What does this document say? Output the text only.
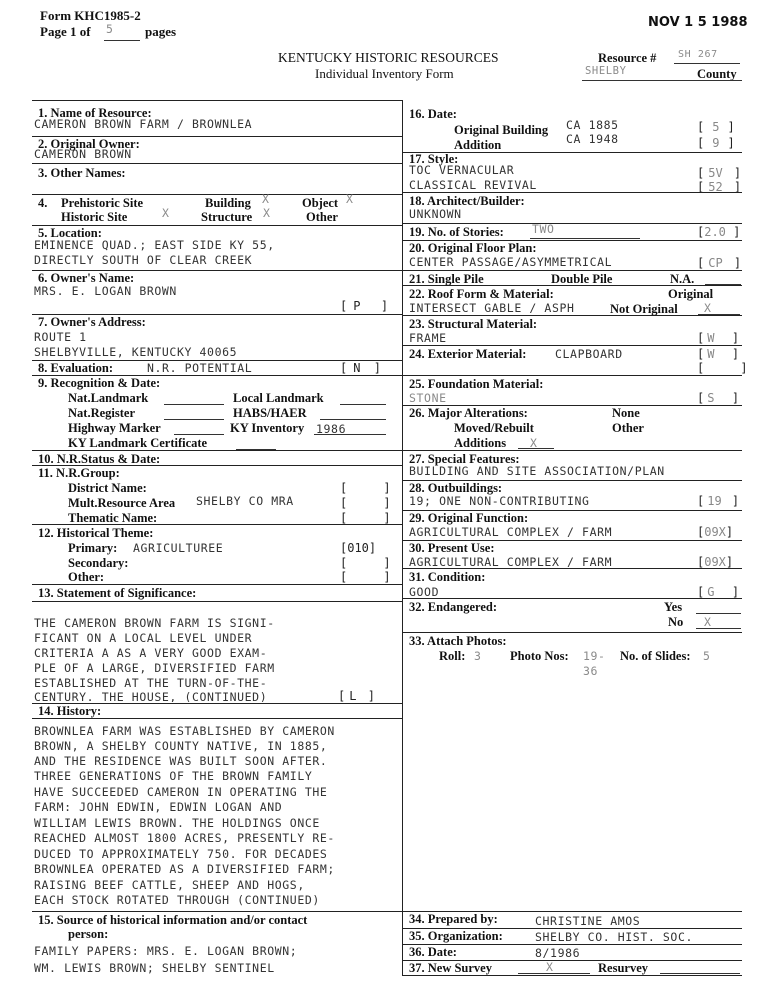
Form KHC1985-2
Page 1 of 5 pages
NOV 1 5 1988
KENTUCKY HISTORIC RESOURCES
Individual Inventory Form
Resource # SH 267
SHELBY	County
1. Name of Resource:
CAMERON BROWN FARM / BROWNLEA
2. Original Owner:
CAMERON BROWN
3. Other Names:
4. Prehistoric Site	Building X	Object X
Historic Site	X	Structure X	Other
5. Location:
EMINENCE QUAD.; EAST SIDE KY 55,
DIRECTLY SOUTH OF CLEAR CREEK
6. Owner's Name:
MRS. E. LOGAN BROWN
[ P  ]
7. Owner's Address:
ROUTE 1
SHELBYVILLE, KENTUCKY 40065
8. Evaluation:	N.R. POTENTIAL	[ N ]
9. Recognition & Date:
Nat.Landmark	Local Landmark
Nat.Register	HABS/HAER
Highway Marker	KY Inventory 1986
KY Landmark Certificate
10. N.R.Status & Date:
11. N.R.Group:
District Name:	[     ]
Mult.Resource Area SHELBY CO MRA	[     ]
Thematic Name:	[     ]
12. Historical Theme:
Primary: AGRICULTUREE	[010]
Secondary:	[     ]
Other:	[     ]
13. Statement of Significance:
THE CAMERON BROWN FARM IS SIGNI-
FICANT ON A LOCAL LEVEL UNDER
CRITERIA A AS A VERY GOOD EXAM-
PLE OF A LARGE, DIVERSIFIED FARM
ESTABLISHED AT THE TURN-OF-THE-
CENTURY. THE HOUSE, (CONTINUED)	[ L ]
14. History:
BROWNLEA FARM WAS ESTABLISHED BY CAMERON
BROWN, A SHELBY COUNTY NATIVE, IN 1885,
AND THE RESIDENCE WAS BUILT SOON AFTER.
THREE GENERATIONS OF THE BROWN FAMILY
HAVE SUCCEEDED CAMERON IN OPERATING THE
FARM: JOHN EDWIN, EDWIN LOGAN AND
WILLIAM LEWIS BROWN. THE HOLDINGS ONCE
REACHED ALMOST 1800 ACRES, PRESENTLY RE-
DUCED TO APPROXIMATELY 750. FOR DECADES
BROWNLEA OPERATED AS A DIVERSIFIED FARM;
RAISING BEEF CATTLE, SHEEP AND HOGS,
EACH STOCK ROTATED THROUGH (CONTINUED)
15. Source of historical information and/or contact
person:
FAMILY PAPERS: MRS. E. LOGAN BROWN;
WM. LEWIS BROWN; SHELBY SENTINEL
16. Date:
Original Building CA 1885	[ 5 ]
Addition	CA 1948	[ 9 ]
17. Style:
TOC VERNACULAR	[ 5V ]
CLASSICAL REVIVAL	[ 52 ]
18. Architect/Builder:
UNKNOWN
19. No. of Stories: TWO	[2.0 ]
20. Original Floor Plan:
CENTER PASSAGE/ASYMMETRICAL	[ CP ]
21. Single Pile	Double Pile	N.A.
22. Roof Form & Material:	Original
INTERSECT GABLE / ASPH	Not Original X
23. Structural Material:
FRAME	[ W  ]
24. Exterior Material: CLAPBOARD	[ W  ]
[     ]
25. Foundation Material:
STONE	[ S  ]
26. Major Alterations:	None
Moved/Rebuilt	Other
Additions X
27. Special Features:
BUILDING AND SITE ASSOCIATION/PLAN
28. Outbuildings:
19; ONE NON-CONTRIBUTING	[ 19 ]
29. Original Function:
AGRICULTURAL COMPLEX / FARM	[09X]
30. Present Use:
AGRICULTURAL COMPLEX / FARM	[09X]
31. Condition:
GOOD	[ G  ]
32. Endangered:	Yes
No X
33. Attach Photos:
Roll: 3 Photo Nos: 19-
36
No. of Slides: 5
34. Prepared by:	CHRISTINE AMOS
35. Organization:	SHELBY CO. HIST. SOC.
36. Date:	8/1986
37. New Survey	X	Resurvey
